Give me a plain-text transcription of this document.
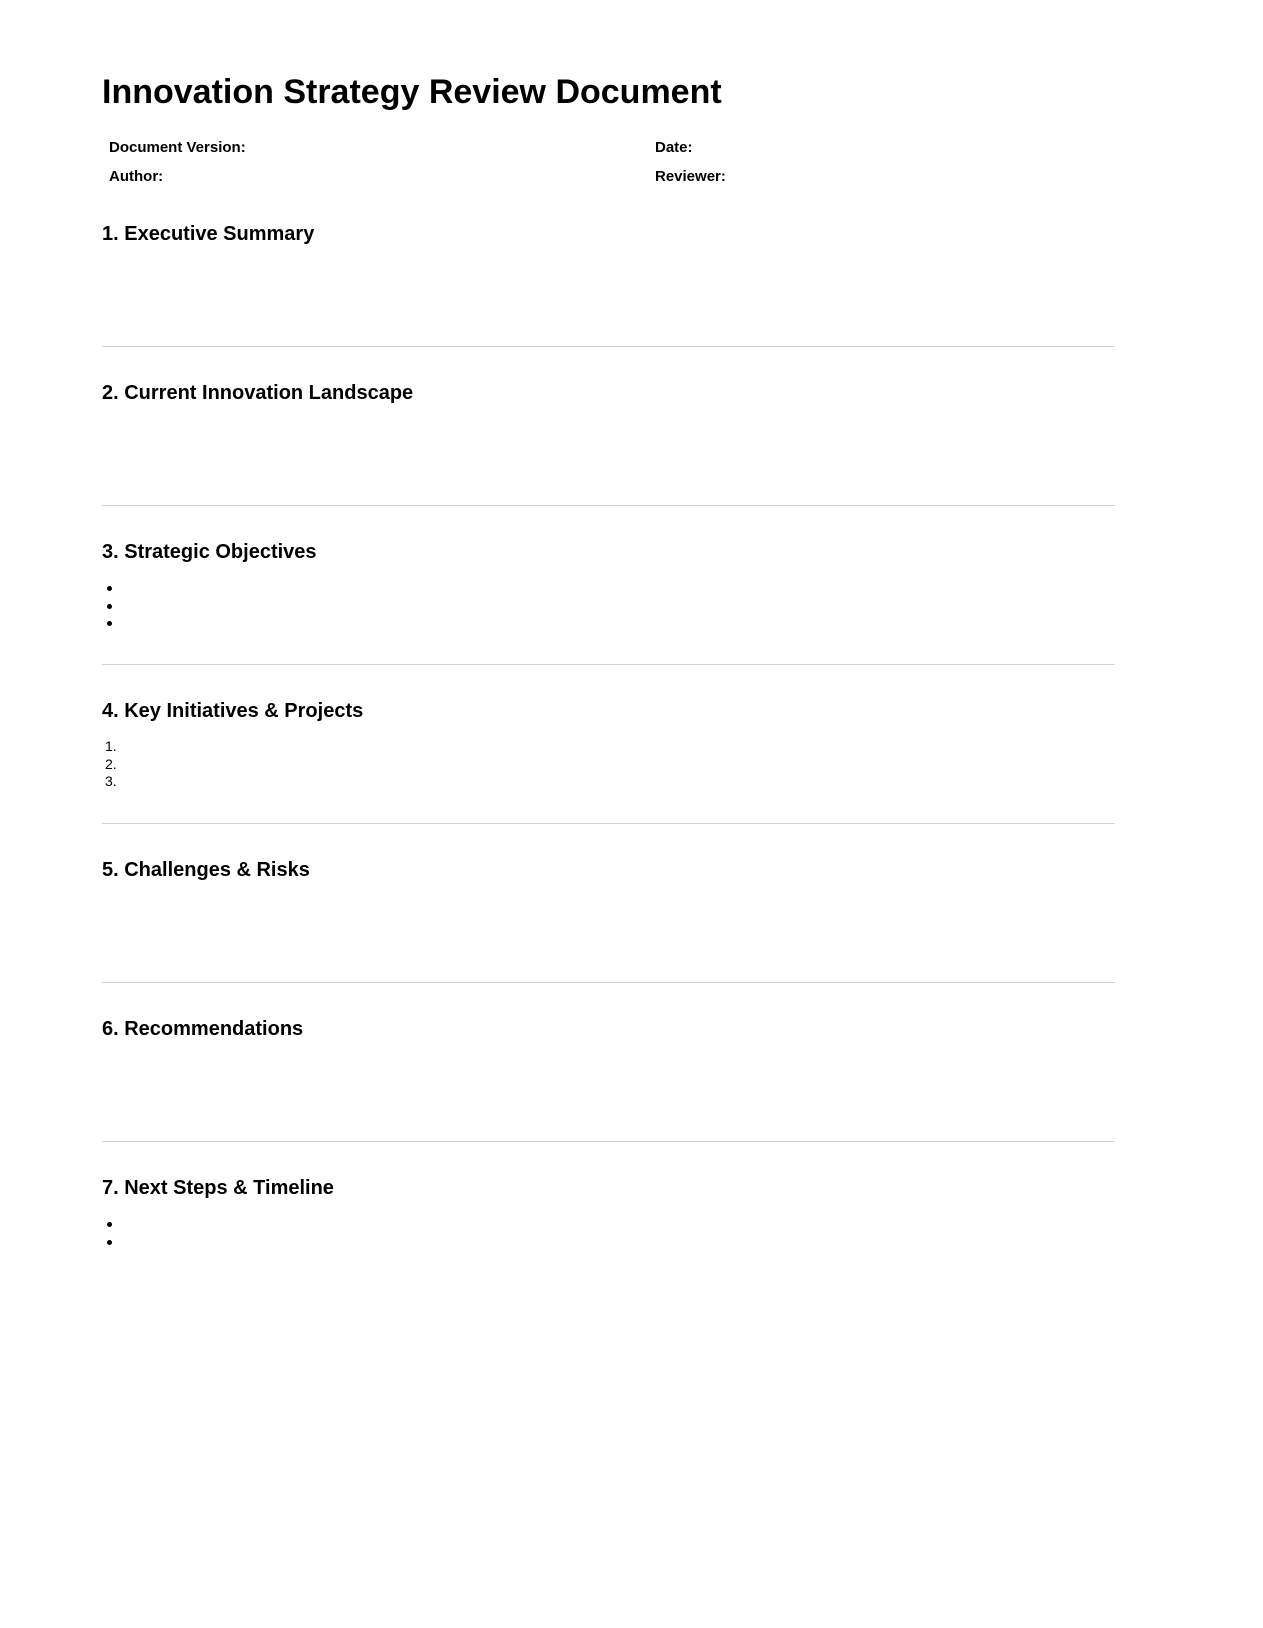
Innovation Strategy Review Document
Document Version:	Date:
Author:	Reviewer:
1. Executive Summary
2. Current Innovation Landscape
3. Strategic Objectives
4. Key Initiatives & Projects
1.
2.
3.
5. Challenges & Risks
6. Recommendations
7. Next Steps & Timeline
